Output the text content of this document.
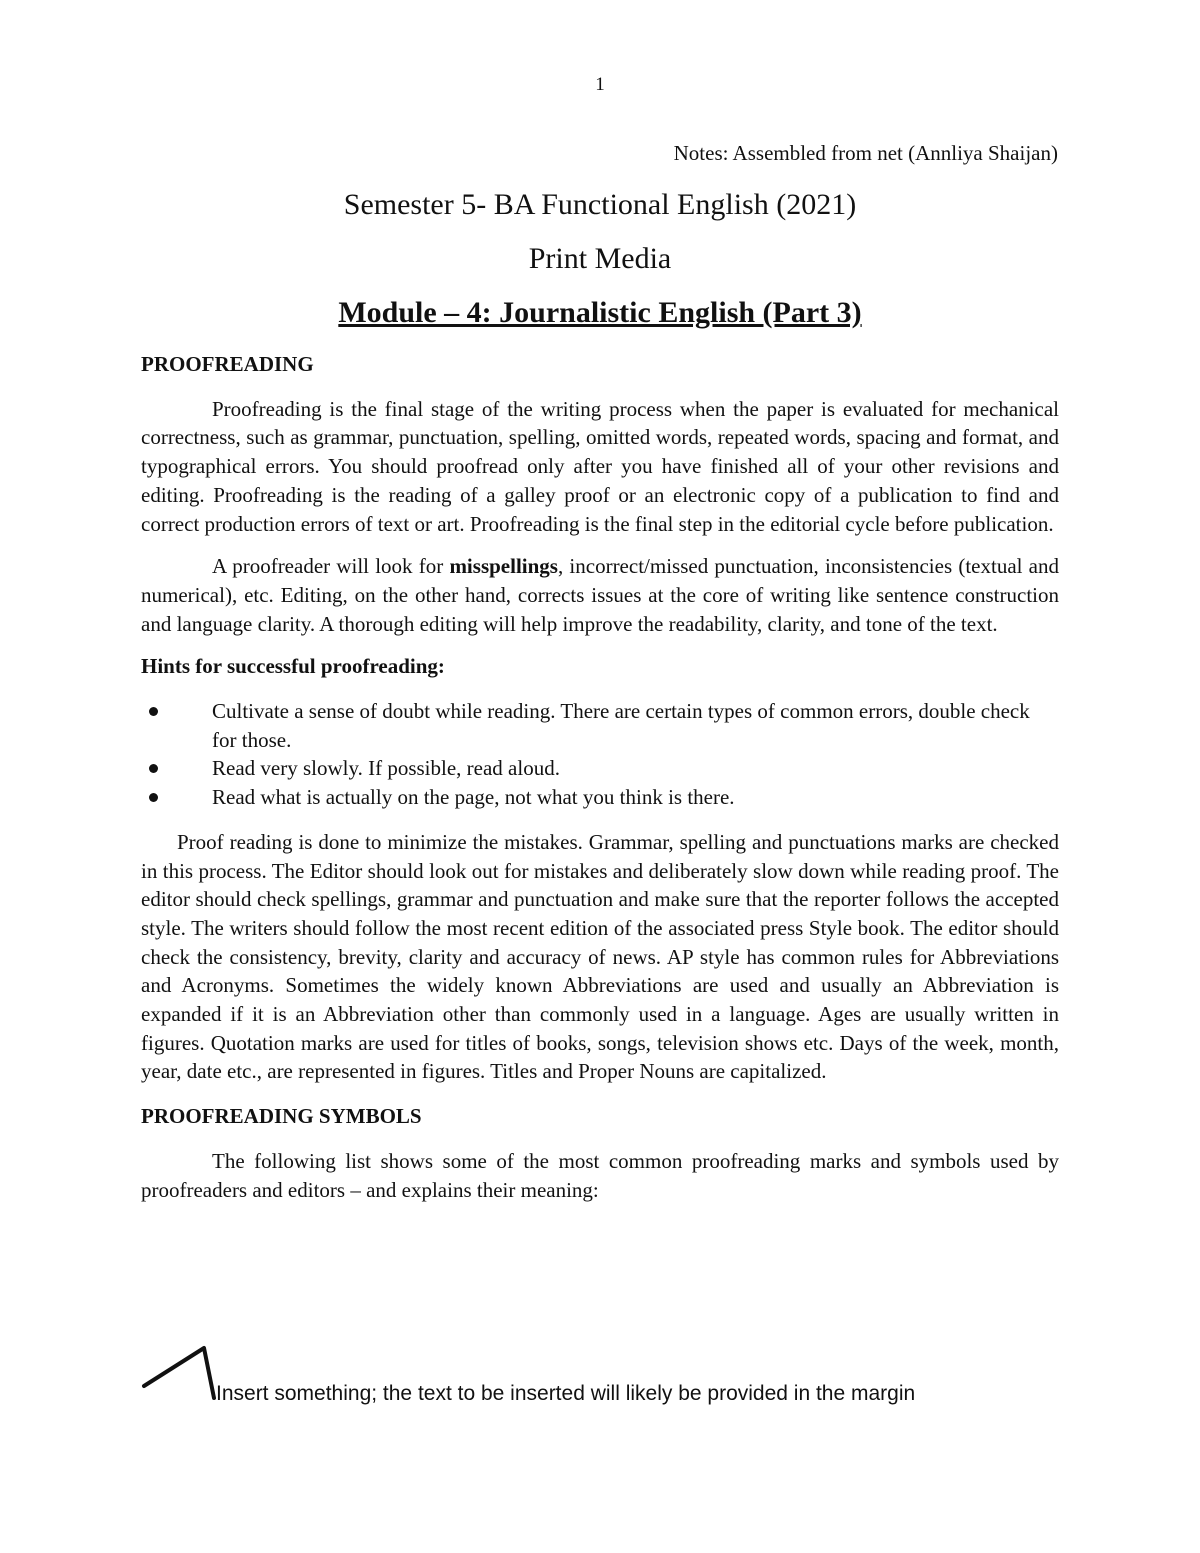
1
Notes: Assembled from net (Annliya Shaijan)
Semester 5- BA Functional English (2021)
Print Media
Module – 4: Journalistic English (Part 3)
PROOFREADING

Proofreading is the final stage of the writing process when the paper is evaluated for mechanical correctness, such as grammar, punctuation, spelling, omitted words, repeated words, spacing and format, and typographical errors. You should proofread only after you have finished all of your other revisions and editing. Proofreading is the reading of a galley proof or an electronic copy of a publication to find and correct production errors of text or art. Proofreading is the final step in the editorial cycle before publication.

A proofreader will look for misspellings, incorrect/missed punctuation, inconsistencies (textual and numerical), etc. Editing, on the other hand, corrects issues at the core of writing like sentence construction and language clarity. A thorough editing will help improve the readability, clarity, and tone of the text.

Hints for successful proofreading:
Cultivate a sense of doubt while reading. There are certain types of common errors, double check for those.
Read very slowly. If possible, read aloud.
Read what is actually on the page, not what you think is there.

Proof reading is done to minimize the mistakes. Grammar, spelling and punctuations marks are checked in this process. The Editor should look out for mistakes and deliberately slow down while reading proof. The editor should check spellings, grammar and punctuation and make sure that the reporter follows the accepted style. The writers should follow the most recent edition of the associated press Style book. The editor should check the consistency, brevity, clarity and accuracy of news. AP style has common rules for Abbreviations and Acronyms. Sometimes the widely known Abbreviations are used and usually an Abbreviation is expanded if it is an Abbreviation other than commonly used in a language. Ages are usually written in figures. Quotation marks are used for titles of books, songs, television shows etc. Days of the week, month, year, date etc., are represented in figures. Titles and Proper Nouns are capitalized.

PROOFREADING SYMBOLS

The following list shows some of the most common proofreading marks and symbols used by proofreaders and editors – and explains their meaning:

Insert something; the text to be inserted will likely be provided in the margin
